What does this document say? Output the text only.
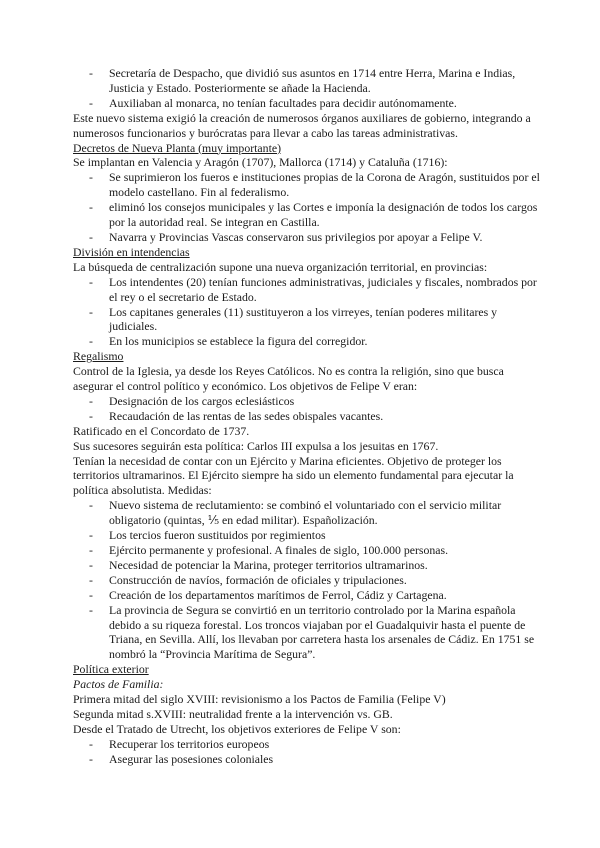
- Secretaría de Despacho, que dividió sus asuntos en 1714 entre Herra, Marina e Indias, Justicia y Estado. Posteriormente se añade la Hacienda.
- Auxiliaban al monarca, no tenían facultades para decidir autónomamente.
Este nuevo sistema exigió la creación de numerosos órganos auxiliares de gobierno, integrando a numerosos funcionarios y burócratas para llevar a cabo las tareas administrativas.
Decretos de Nueva Planta (muy importante)
Se implantan en Valencia y Aragón (1707), Mallorca (1714) y Cataluña (1716):
- Se suprimieron los fueros e instituciones propias de la Corona de Aragón, sustituidos por el modelo castellano. Fin al federalismo.
- eliminó los consejos municipales y las Cortes e imponía la designación de todos los cargos por la autoridad real. Se integran en Castilla.
- Navarra y Provincias Vascas conservaron sus privilegios por apoyar a Felipe V.
División en intendencias
La búsqueda de centralización supone una nueva organización territorial, en provincias:
- Los intendentes (20) tenían funciones administrativas, judiciales y fiscales, nombrados por el rey o el secretario de Estado.
- Los capitanes generales (11) sustituyeron a los virreyes, tenían poderes militares y judiciales.
- En los municipios se establece la figura del corregidor.
Regalismo
Control de la Iglesia, ya desde los Reyes Católicos. No es contra la religión, sino que busca asegurar el control político y económico. Los objetivos de Felipe V eran:
- Designación de los cargos eclesiásticos
- Recaudación de las rentas de las sedes obispales vacantes.
Ratificado en el Concordato de 1737.
Sus sucesores seguirán esta política: Carlos III expulsa a los jesuitas en 1767.
Tenían la necesidad de contar con un Ejército y Marina eficientes. Objetivo de proteger los territorios ultramarinos. El Ejército siempre ha sido un elemento fundamental para ejecutar la política absolutista. Medidas:
- Nuevo sistema de reclutamiento: se combinó el voluntariado con el servicio militar obligatorio (quintas, ⅕ en edad militar). Españolización.
- Los tercios fueron sustituidos por regimientos
- Ejército permanente y profesional. A finales de siglo, 100.000 personas.
- Necesidad de potenciar la Marina, proteger territorios ultramarinos.
- Construcción de navíos, formación de oficiales y tripulaciones.
- Creación de los departamentos marítimos de Ferrol, Cádiz y Cartagena.
- La provincia de Segura se convirtió en un territorio controlado por la Marina española debido a su riqueza forestal. Los troncos viajaban por el Guadalquivir hasta el puente de Triana, en Sevilla. Allí, los llevaban por carretera hasta los arsenales de Cádiz. En 1751 se nombró la “Provincia Marítima de Segura”.
Política exterior
Pactos de Familia:
Primera mitad del siglo XVIII: revisionismo a los Pactos de Familia (Felipe V)
Segunda mitad s.XVIII: neutralidad frente a la intervención vs. GB.
Desde el Tratado de Utrecht, los objetivos exteriores de Felipe V son:
- Recuperar los territorios europeos
- Asegurar las posesiones coloniales
